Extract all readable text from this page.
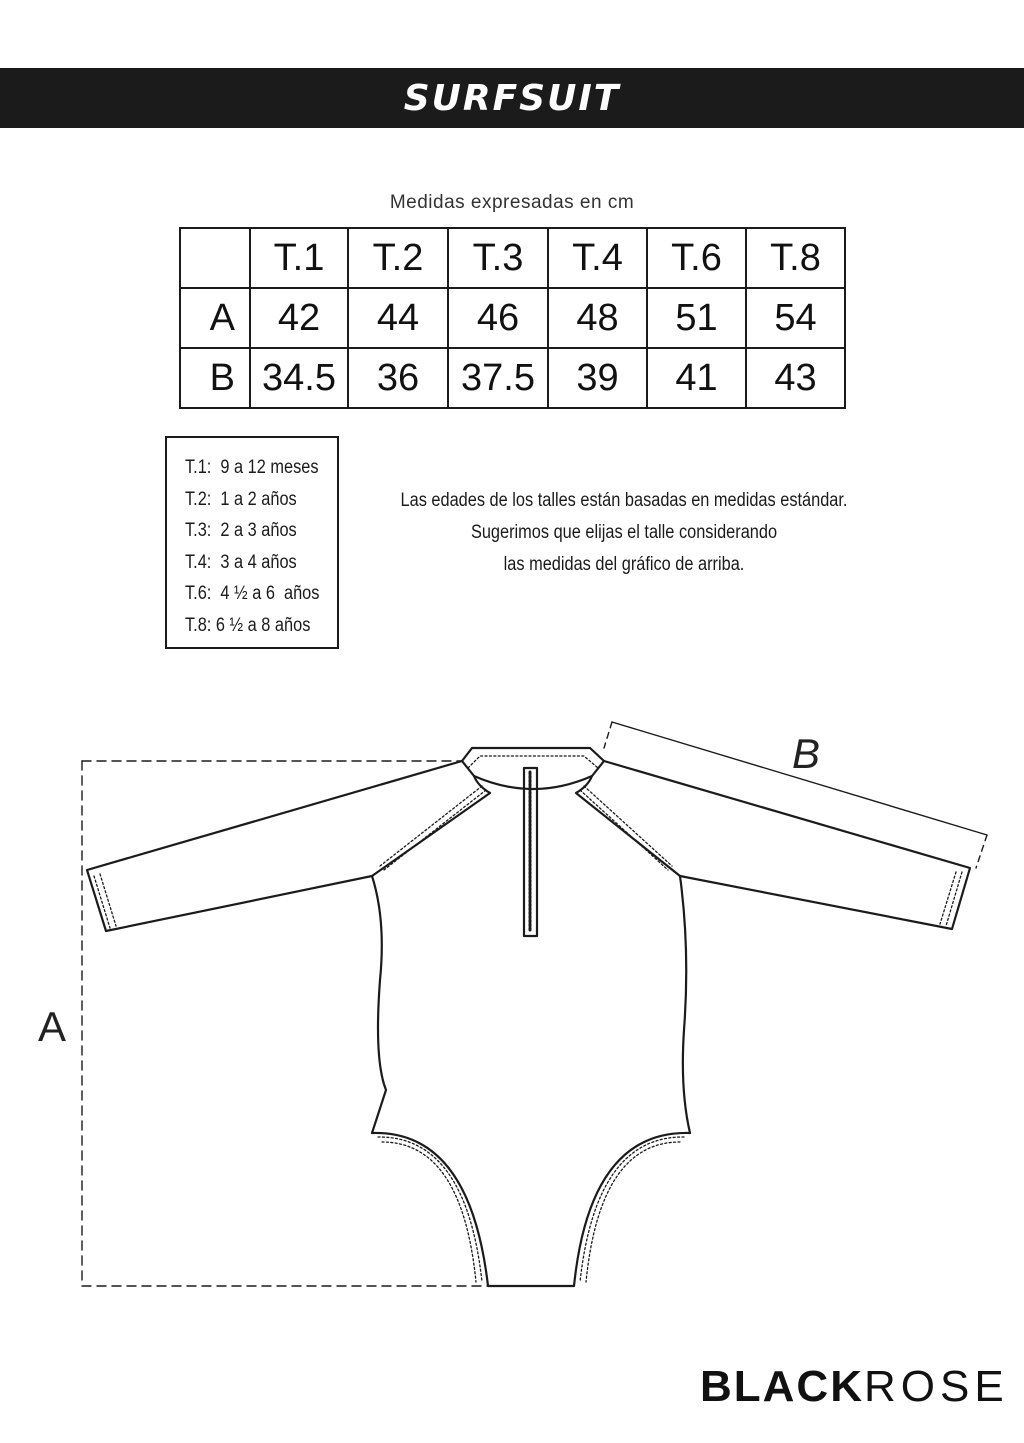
SURFSUIT
Medidas expresadas en cm
	T.1	T.2	T.3	T.4	T.6	T.8
A	42	44	46	48	51	54
B	34.5	36	37.5	39	41	43
T.1:  9 a 12 meses
T.2:  1 a 2 años
T.3:  2 a 3 años
T.4:  3 a 4 años
T.6:  4 ½ a 6  años
T.8: 6 ½ a 8 años
Las edades de los talles están basadas en medidas estándar.
Sugerimos que elijas el talle considerando
las medidas del gráfico de arriba.
A
B
BLACKROSE
